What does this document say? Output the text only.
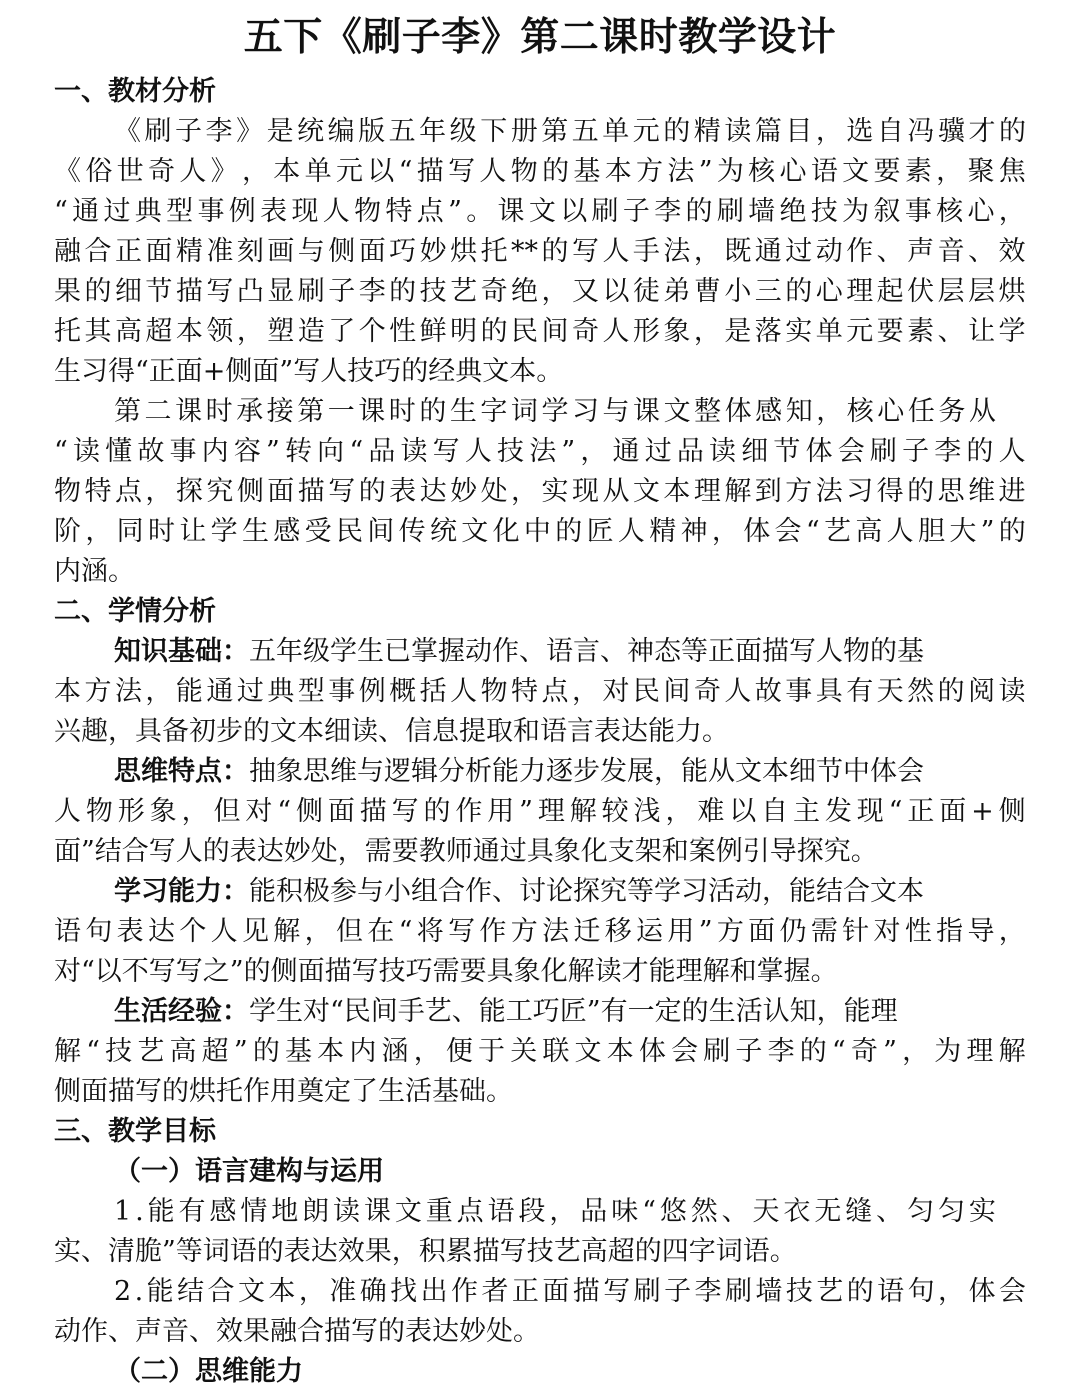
五下《刷子李》第二课时教学设计
一、教材分析
《 刷 子 李 》 是 统 编 版 五 年 级 下 册 第 五 单 元 的 精 读 篇 目 ， 选 自 冯 骥 才 的
《 俗 世 奇 人 》 ， 本 单 元 以 “ 描 写 人 物 的 基 本 方 法 ” 为 核 心 语 文 要 素 ， 聚 焦
“ 通 过 典 型 事 例 表 现 人 物 特 点 ” 。 课 文 以 刷 子 李 的 刷 墙 绝 技 为 叙 事 核 心 ，
融 合 正 面 精 准 刻 画 与 侧 面 巧 妙 烘 托 ** 的 写 人 手 法 ， 既 通 过 动 作 、 声 音 、 效
果 的 细 节 描 写 凸 显 刷 子 李 的 技 艺 奇 绝 ， 又 以 徒 弟 曹 小 三 的 心 理 起 伏 层 层 烘
托 其 高 超 本 领 ， 塑 造 了 个 性 鲜 明 的 民 间 奇 人 形 象 ， 是 落 实 单 元 要 素 、 让 学
生习得“正面+侧面”写人技巧的经典文本。
第 二 课 时 承 接 第 一 课 时 的 生 字 词 学 习 与 课 文 整 体 感 知 ， 核 心 任 务 从
“ 读 懂 故 事 内 容 ” 转 向 “ 品 读 写 人 技 法 ” ， 通 过 品 读 细 节 体 会 刷 子 李 的 人
物 特 点 ， 探 究 侧 面 描 写 的 表 达 妙 处 ， 实 现 从 文 本 理 解 到 方 法 习 得 的 思 维 进
阶 ， 同 时 让 学 生 感 受 民 间 传 统 文 化 中 的 匠 人 精 神 ， 体 会 “ 艺 高 人 胆 大 ” 的
内涵。
二、学情分析
知识基础：五年级学生已掌握动作、语言、神态等正面描写人物的基
本 方 法 ， 能 通 过 典 型 事 例 概 括 人 物 特 点 ， 对 民 间 奇 人 故 事 具 有 天 然 的 阅 读
兴趣，具备初步的文本细读、信息提取和语言表达能力。
思维特点：抽象思维与逻辑分析能力逐步发展，能从文本细节中体会
人 物 形 象 ， 但 对 “ 侧 面 描 写 的 作 用 ” 理 解 较 浅 ， 难 以 自 主 发 现 “ 正 面 + 侧
面”结合写人的表达妙处，需要教师通过具象化支架和案例引导探究。
学习能力：能积极参与小组合作、讨论探究等学习活动，能结合文本
语 句 表 达 个 人 见 解 ， 但 在 “ 将 写 作 方 法 迁 移 运 用 ” 方 面 仍 需 针 对 性 指 导 ，
对“以不写写之”的侧面描写技巧需要具象化解读才能理解和掌握。
生活经验：学生对“民间手艺、能工巧匠”有一定的生活认知，能理
解 “ 技 艺 高 超 ” 的 基 本 内 涵 ， 便 于 关 联 文 本 体 会 刷 子 李 的 “ 奇 ” ， 为 理 解
侧面描写的烘托作用奠定了生活基础。
三、教学目标
（一）语言建构与运用
1 . 能 有 感 情 地 朗 读 课 文 重 点 语 段 ， 品 味 “ 悠 然 、 天 衣 无 缝 、 匀 匀 实
实、清脆”等词语的表达效果，积累描写技艺高超的四字词语。
2 . 能 结 合 文 本 ， 准 确 找 出 作 者 正 面 描 写 刷 子 李 刷 墙 技 艺 的 语 句 ， 体 会
动作、声音、效果融合描写的表达妙处。
（二）思维能力
